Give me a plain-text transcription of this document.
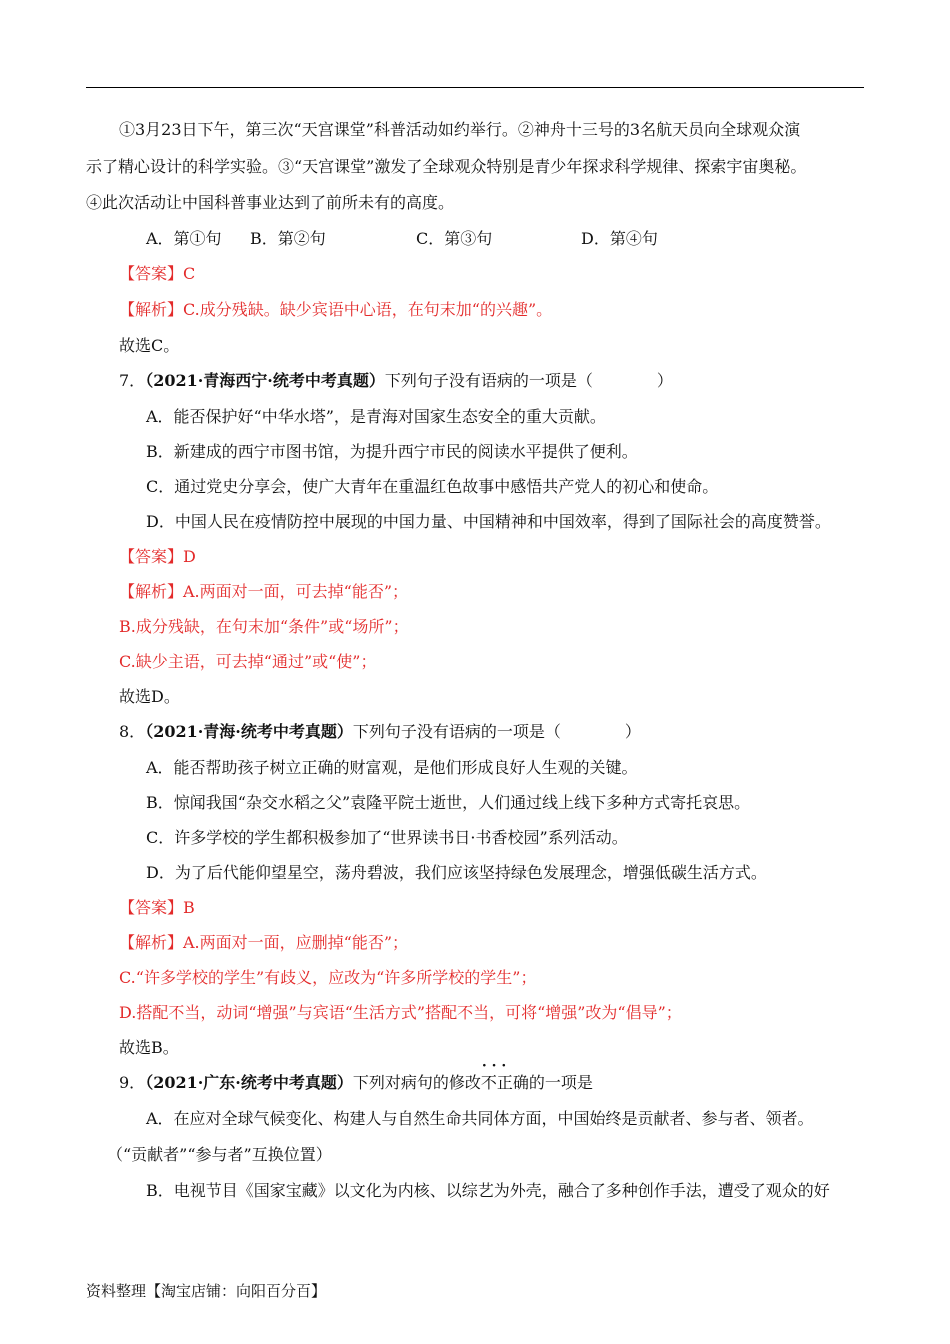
①3月23日下午，第三次“天宫课堂”科普活动如约举行。②神舟十三号的3名航天员向全球观众演
示了精心设计的科学实验。③“天宫课堂”激发了全球观众特别是青少年探求科学规律、探索宇宙奥秘。
④此次活动让中国科普事业达到了前所未有的高度。
A．第①句 B．第②句	C．第③句	D．第④句
【答案】C
【解析】C.成分残缺。缺少宾语中心语，在句末加“的兴趣”。
故选C。
7．（2021·青海西宁·统考中考真题）下列句子没有语病的一项是（　　　　）
A．能否保护好“中华水塔”，是青海对国家生态安全的重大贡献。
B．新建成的西宁市图书馆，为提升西宁市民的阅读水平提供了便利。
C．通过党史分享会，使广大青年在重温红色故事中感悟共产党人的初心和使命。
D．中国人民在疫情防控中展现的中国力量、中国精神和中国效率，得到了国际社会的高度赞誉。
【答案】D
【解析】A.两面对一面，可去掉“能否”；
B.成分残缺，在句末加“条件”或“场所”；
C.缺少主语，可去掉“通过”或“使”；
故选D。
8．（2021·青海·统考中考真题）下列句子没有语病的一项是（　　　　）
A．能否帮助孩子树立正确的财富观，是他们形成良好人生观的关键。
B．惊闻我国“杂交水稻之父”袁隆平院士逝世，人们通过线上线下多种方式寄托哀思。
C．许多学校的学生都积极参加了“世界读书日·书香校园”系列活动。
D．为了后代能仰望星空，荡舟碧波，我们应该坚持绿色发展理念，增强低碳生活方式。
【答案】B
【解析】A.两面对一面，应删掉“能否”；
C.“许多学校的学生”有歧义，应改为“许多所学校的学生”；
D.搭配不当，动词“增强”与宾语“生活方式”搭配不当，可将“增强”改为“倡导”；
故选B。
9．（2021·广东·统考中考真题）下列对病句的修改· · 不正确的一项是
A．在应对全球气候变化、构建人与自然生命共同体方面，中国始终是贡献者、参与者、领者。
（“贡献者”“参与者”互换位置）
B．电视节目《国家宝藏》以文化为内核、以综艺为外壳，融合了多种创作手法，遭受了观众的好
资料整理【淘宝店铺：向阳百分百】
